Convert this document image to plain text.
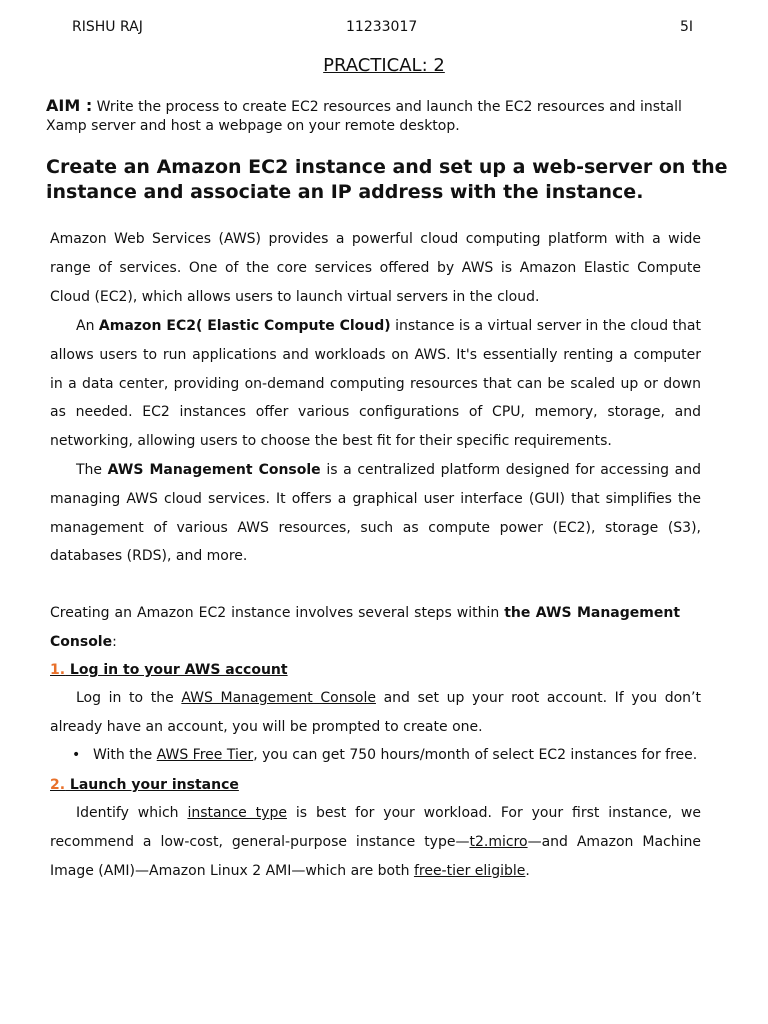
RISHU RAJ	11233017	5I
PRACTICAL: 2
AIM : Write the process to create EC2 resources and launch the EC2 resources and install Xamp server and host a webpage on your remote desktop.
Create an Amazon EC2 instance and set up a web-server on the instance and associate an IP address with the instance.
Amazon Web Services (AWS) provides a powerful cloud computing platform with a wide range of services. One of the core services offered by AWS is Amazon Elastic Compute Cloud (EC2), which allows users to launch virtual servers in the cloud.
An Amazon EC2( Elastic Compute Cloud) instance is a virtual server in the cloud that allows users to run applications and workloads on AWS. It's essentially renting a computer in a data center, providing on-demand computing resources that can be scaled up or down as needed. EC2 instances offer various configurations of CPU, memory, storage, and networking, allowing users to choose the best fit for their specific requirements.
The AWS Management Console is a centralized platform designed for accessing and managing AWS cloud services. It offers a graphical user interface (GUI) that simplifies the management of various AWS resources, such as compute power (EC2), storage (S3), databases (RDS), and more.
Creating an Amazon EC2 instance involves several steps within the AWS Management Console:
1. Log in to your AWS account
Log in to the AWS Management Console and set up your root account. If you don’t already have an account, you will be prompted to create one.
• With the AWS Free Tier, you can get 750 hours/month of select EC2 instances for free.
2. Launch your instance
Identify which instance type is best for your workload. For your first instance, we recommend a low-cost, general-purpose instance type—t2.micro—and Amazon Machine Image (AMI)—Amazon Linux 2 AMI—which are both free-tier eligible.
